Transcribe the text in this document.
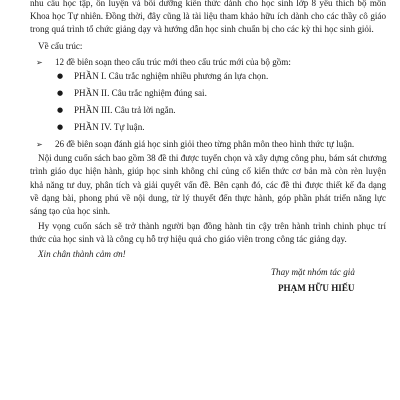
nhu cầu học tập, ôn luyện và bồi dưỡng kiến thức dành cho học sinh lớp 8 yêu thích bộ môn
Khoa học Tự nhiên. Đồng thời, đây cũng là tài liệu tham khảo hữu ích dành cho các thầy cô giáo
trong quá trình tổ chức giảng dạy và hướng dẫn học sinh chuẩn bị cho các kỳ thi học sinh giỏi.
Về cấu trúc:
➢ 12 đề biên soạn theo cấu trúc mới theo cấu trúc mới của bộ gồm:
● PHẦN I. Câu trắc nghiệm nhiều phương án lựa chọn.
● PHẦN II. Câu trắc nghiệm đúng sai.
● PHẦN III. Câu trả lời ngắn.
● PHẦN IV. Tự luận.
➢ 26 đề biên soạn đánh giá học sinh giỏi theo từng phân môn theo hình thức tự luận.
Nội dung cuốn sách bao gồm 38 đề thi được tuyển chọn và xây dựng công phu, bám sát chương
trình giáo dục hiện hành, giúp học sinh không chỉ củng cố kiến thức cơ bản mà còn rèn luyện
khả năng tư duy, phân tích và giải quyết vấn đề. Bên cạnh đó, các đề thi được thiết kế đa dạng
về dạng bài, phong phú về nội dung, từ lý thuyết đến thực hành, góp phần phát triển năng lực
sáng tạo của học sinh.
Hy vọng cuốn sách sẽ trở thành người bạn đồng hành tin cậy trên hành trình chinh phục trí
thức của học sinh và là công cụ hỗ trợ hiệu quả cho giáo viên trong công tác giảng dạy.
Xin chân thành cảm ơn!
Thay mặt nhóm tác giả
PHẠM HỮU HIẾU
